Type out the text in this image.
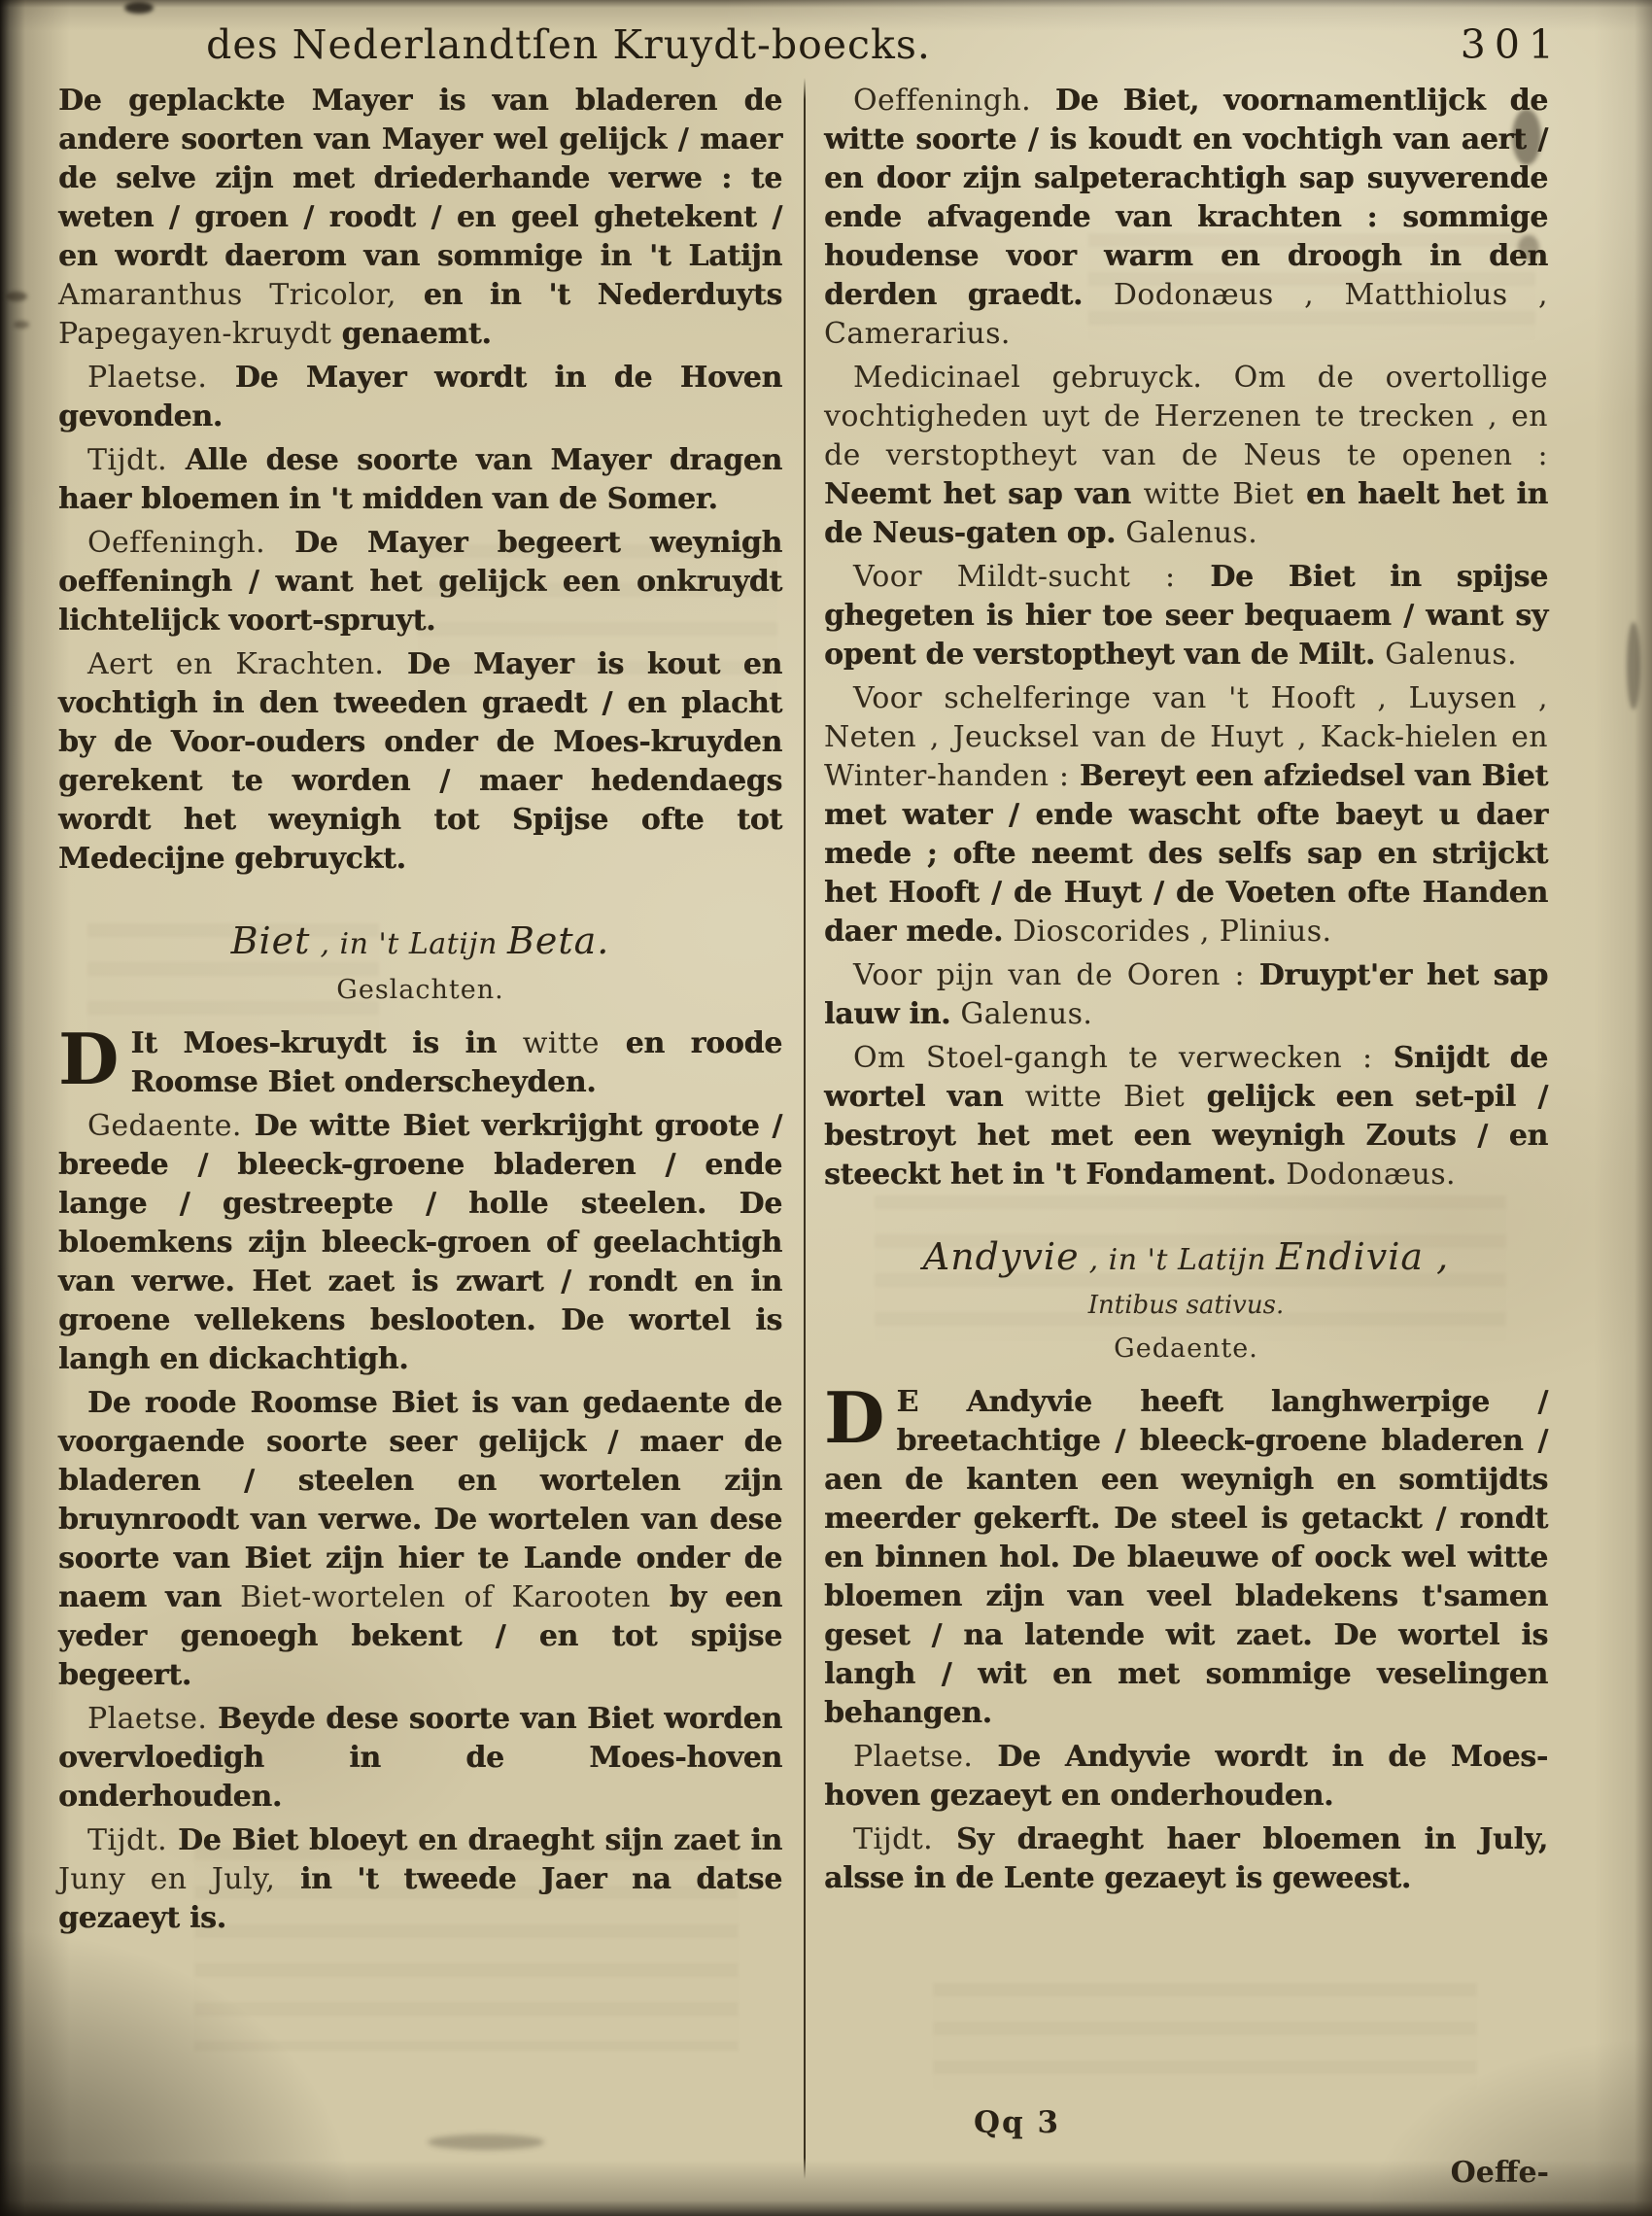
des Nederlandtſen Kruydt-boecks.	301

De geplackte Mayer is van bladeren de andere soorten van Mayer wel gelijck / maer de selve zijn met driederhande verwe : te weten / groen / roodt / en geel ghetekent / en wordt daerom van sommige in 't Latijn Amaranthus Tricolor, en in 't Nederduyts Papegayen-kruydt genaemt.

Plaetse. De Mayer wordt in de Hoven gevonden.

Tijdt. Alle dese soorte van Mayer dragen haer bloemen in 't midden van de Somer.

Oeffeningh. De Mayer begeert weynigh oeffeningh / want het gelijck een onkruydt lichtelijck voort-spruyt.

Aert en Krachten. De Mayer is kout en vochtigh in den tweeden graedt / en placht by de Voor-ouders onder de Moes-kruyden gerekent te worden / maer hedendaegs wordt het weynigh tot Spijse ofte tot Medecijne gebruyckt.

Biet , in 't Latijn Beta.
Geslachten.

D It Moes-kruydt is in witte en roode Roomse Biet onderscheyden.

Gedaente. De witte Biet verkrijght groote / breede / bleeck-groene bladeren / ende lange / gestreepte / holle steelen. De bloemkens zijn bleeck-groen of geelachtigh van verwe. Het zaet is zwart / rondt en in groene vellekens beslooten. De wortel is langh en dickachtigh.

De roode Roomse Biet is van gedaente de voorgaende soorte seer gelijck / maer de bladeren / steelen en wortelen zijn bruynroodt van verwe. De wortelen van dese soorte van Biet zijn hier te Lande onder de naem van Biet-wortelen of Karooten by een yeder genoegh bekent / en tot spijse begeert.

Plaetse. Beyde dese soorte van Biet worden overvloedigh in de Moes-hoven onderhouden.

Tijdt. De Biet bloeyt en draeght sijn zaet in Juny en July, in 't tweede Jaer na datse gezaeyt is.

Oeffeningh. De Biet, voornamentlijck de witte soorte / is koudt en vochtigh van aert / en door zijn salpeterachtigh sap suyverende ende afvagende van krachten : sommige houdense voor warm en droogh in den derden graedt. Dodonæus , Matthiolus , Camerarius.

Medicinael gebruyck. Om de overtollige vochtigheden uyt de Herzenen te trecken , en de verstoptheyt van de Neus te openen : Neemt het sap van witte Biet en haelt het in de Neus-gaten op. Galenus.

Voor Mildt-sucht : De Biet in spijse ghegeten is hier toe seer bequaem / want sy opent de verstoptheyt van de Milt. Galenus.

Voor schelferinge van 't Hooft , Luysen , Neten , Jeucksel van de Huyt , Kack-hielen en Winter-handen : Bereyt een afziedsel van Biet met water / ende wascht ofte baeyt u daer mede ; ofte neemt des selfs sap en strijckt het Hooft / de Huyt / de Voeten ofte Handen daer mede. Dioscorides , Plinius.

Voor pijn van de Ooren : Druypt'er het sap lauw in. Galenus.

Om Stoel-gangh te verwecken : Snijdt de wortel van witte Biet gelijck een set-pil / bestroyt het met een weynigh Zouts / en steeckt het in 't Fondament. Dodonæus.

Andyvie , in 't Latijn Endivia ,
Intibus sativus.
Gedaente.

D E Andyvie heeft langhwerpige / breetachtige / bleeck-groene bladeren / aen de kanten een weynigh en somtijdts meerder gekerft. De steel is getackt / rondt en binnen hol. De blaeuwe of oock wel witte bloemen zijn van veel bladekens t'samen geset / na latende wit zaet. De wortel is langh / wit en met sommige veselingen behangen.

Plaetse. De Andyvie wordt in de Moes-hoven gezaeyt en onderhouden.

Tijdt. Sy draeght haer bloemen in July, alsse in de Lente gezaeyt is geweest.

Qq 3
Oeffe-
